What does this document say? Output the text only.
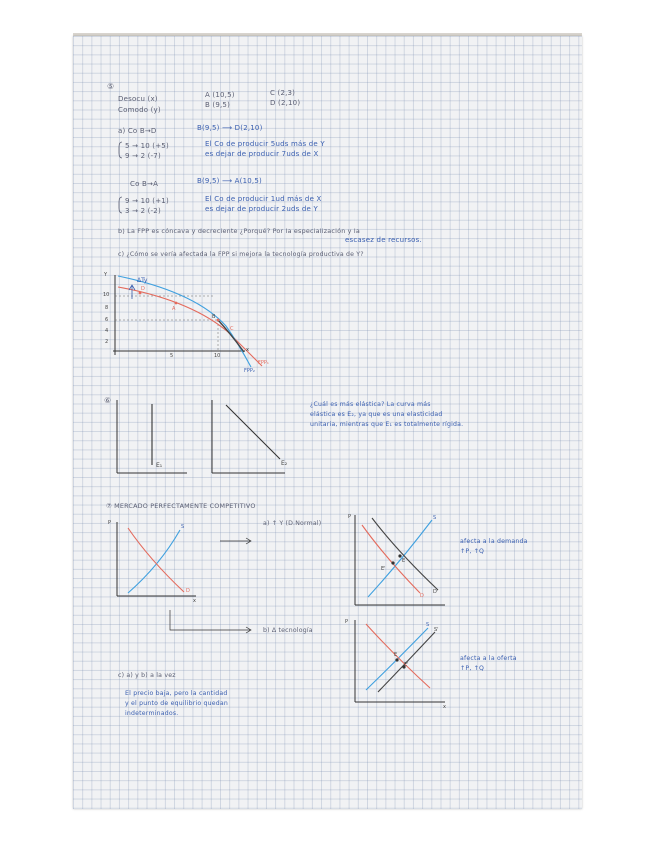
⑤
Desocu (x)	A (10,5)	C (2,3)
Comodo (y)
B (9,5)	D (2,10)
a) Co B→D	B(9,5) ⟶ D(2,10)
5 → 10 (+5)
9 → 2 (-7)
El Co de producir 5uds más de Y
es dejar de producir 7uds de X
Co B→A	B(9,5) ⟶ A(10,5)
9 → 10 (+1)
3 → 2 (-2)
El Co de producir 1ud más de X
es dejar de producir 2uds de Y
b) La FPP es cóncava y decreciente ¿Porqué? Por la especialización y la
escasez de recursos.
c) ¿Cómo se vería afectada la FPP si mejora la tecnología productiva de Y?
ΔTy
Y
x
10
8
6
4
2
5	10
A
B
C
D
FPP₁
FPP₂
⑥
E₁	E₂
¿Cuál es más elástica? La curva más
elástica es E₂, ya que es una elasticidad
unitaria, mientras que E₁ es totalmente rígida.
⑦ MERCADO PERFECTAMENTE COMPETITIVO
P
S
D
x
a) ↑ Y (D.Normal)
afecta a la demanda
↑P, ↑Q
P	S
E
E'
D
D'
b) Δ tecnología
afecta a la oferta
↑P, ↑Q
P	S
S'
E
E'
x
c) a) y b) a la vez
El precio baja, pero la cantidad
y el punto de equilibrio quedan
indeterminados.
